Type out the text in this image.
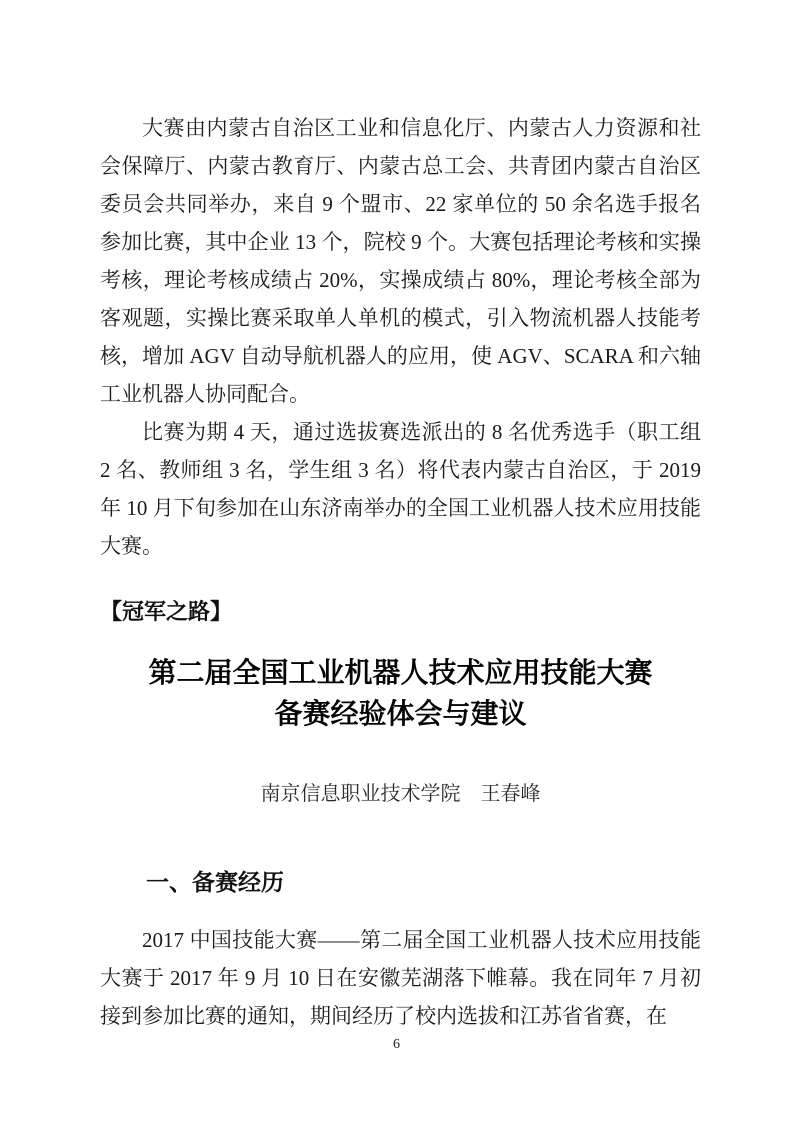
大赛由内蒙古自治区工业和信息化厅、内蒙古人力资源和社会保障厅、内蒙古教育厅、内蒙古总工会、共青团内蒙古自治区委员会共同举办，来自 9 个盟市、22 家单位的 50 余名选手报名参加比赛，其中企业 13 个，院校 9 个。大赛包括理论考核和实操考核，理论考核成绩占 20%，实操成绩占 80%，理论考核全部为客观题，实操比赛采取单人单机的模式，引入物流机器人技能考核，增加 AGV 自动导航机器人的应用，使 AGV、SCARA 和六轴工业机器人协同配合。

比赛为期 4 天，通过选拔赛选派出的 8 名优秀选手（职工组 2 名、教师组 3 名，学生组 3 名）将代表内蒙古自治区，于 2019 年 10 月下旬参加在山东济南举办的全国工业机器人技术应用技能大赛。

【冠军之路】
第二届全国工业机器人技术应用技能大赛
备赛经验体会与建议
南京信息职业技术学院　王春峰
一、备赛经历

2017 中国技能大赛——第二届全国工业机器人技术应用技能大赛于 2017 年 9 月 10 日在安徽芜湖落下帷幕。我在同年 7 月初接到参加比赛的通知，期间经历了校内选拔和江苏省省赛，在

6
